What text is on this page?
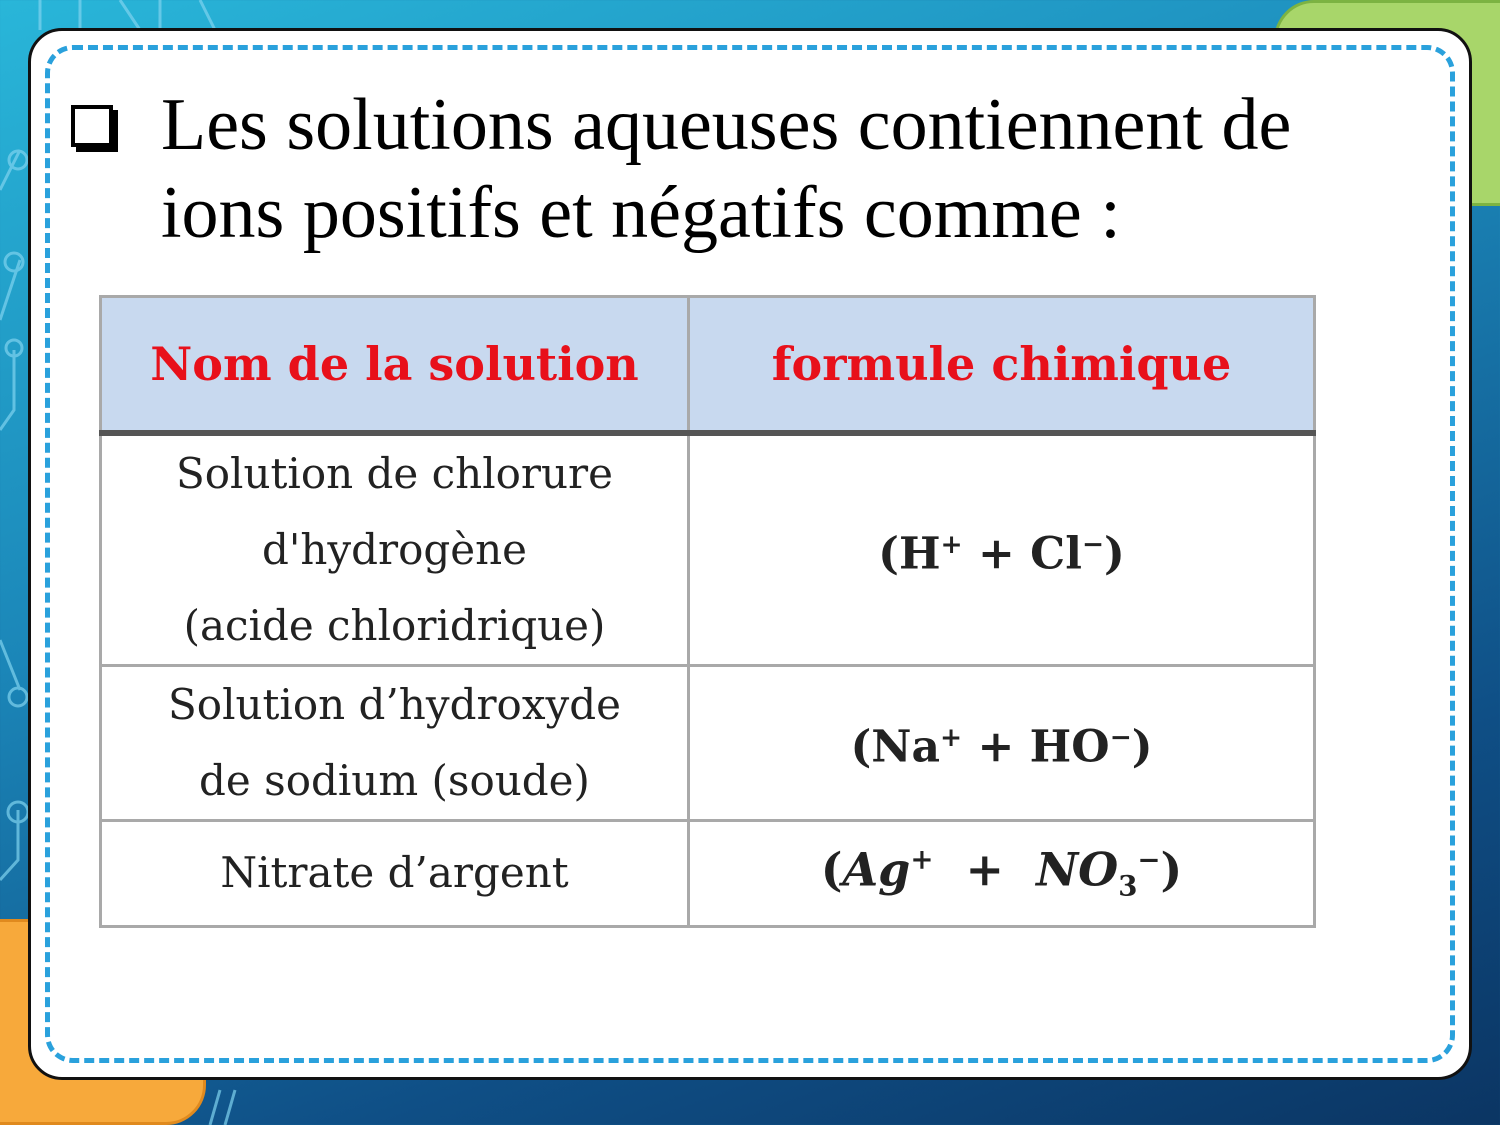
Les solutions aqueuses contiennent de ions positifs et négatifs comme :

Nom de la solution	formule chimique

Solution de chlorure
d'hydrogène
(acide chloridrique)	(H+ + Cl−)

Solution d’hydroxyde
de sodium (soude)	(Na+ + HO−)

Nitrate d’argent	$(Ag^+ + NO_3^-)$
